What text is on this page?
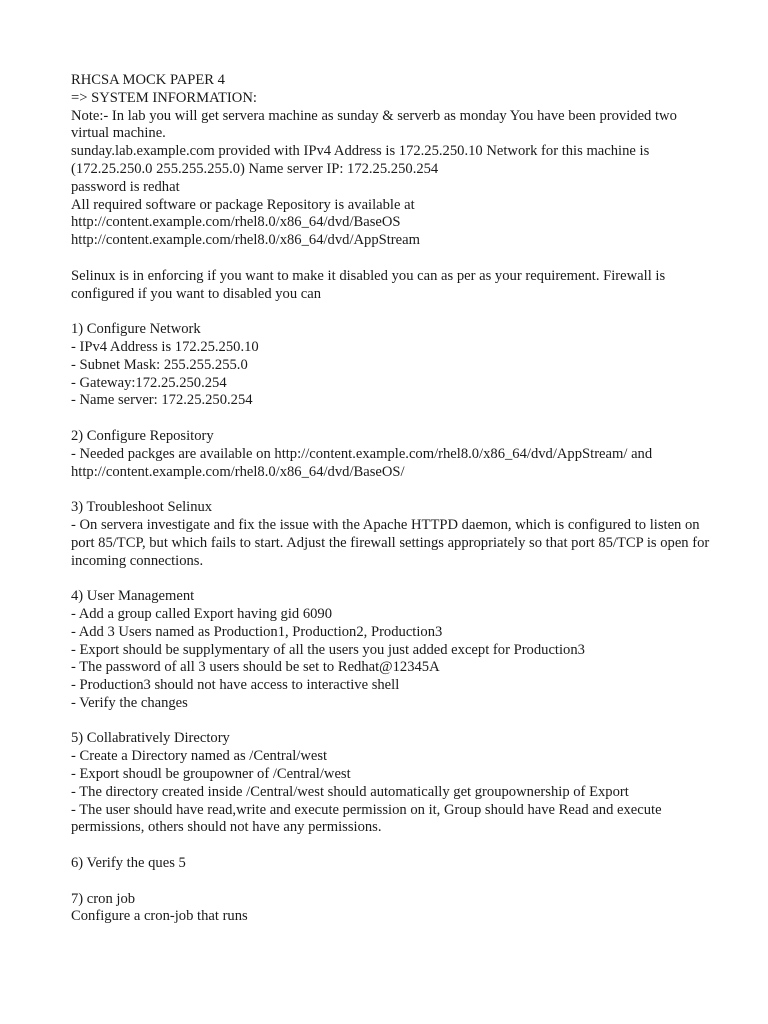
RHCSA MOCK PAPER 4
=> SYSTEM INFORMATION:
Note:- In lab you will get servera machine as sunday & serverb as monday You have been provided two virtual machine.
sunday.lab.example.com provided with IPv4 Address is 172.25.250.10 Network for this machine is (172.25.250.0 255.255.255.0) Name server IP: 172.25.250.254
password is redhat
All required software or package Repository is available at
http://content.example.com/rhel8.0/x86_64/dvd/BaseOS
http://content.example.com/rhel8.0/x86_64/dvd/AppStream
Selinux is in enforcing if you want to make it disabled you can as per as your requirement. Firewall is configured if you want to disabled you can
1) Configure Network
- IPv4 Address is 172.25.250.10
- Subnet Mask: 255.255.255.0
- Gateway:172.25.250.254
- Name server: 172.25.250.254
2) Configure Repository
- Needed packges are available on http://content.example.com/rhel8.0/x86_64/dvd/AppStream/ and http://content.example.com/rhel8.0/x86_64/dvd/BaseOS/
3) Troubleshoot Selinux
- On servera investigate and fix the issue with the Apache HTTPD daemon, which is configured to listen on port 85/TCP, but which fails to start. Adjust the firewall settings appropriately so that port 85/TCP is open for incoming connections.
4) User Management
- Add a group called Export having gid 6090
- Add 3 Users named as Production1, Production2, Production3
- Export should be supplymentary of all the users you just added except for Production3
- The password of all 3 users should be set to Redhat@12345A
- Production3 should not have access to interactive shell
- Verify the changes
5) Collabratively Directory
- Create a Directory named as /Central/west
- Export shoudl be groupowner of /Central/west
- The directory created inside /Central/west should automatically get groupownership of Export
- The user should have read,write and execute permission on it, Group should have Read and execute permissions, others should not have any permissions.
6) Verify the ques 5
7) cron job
Configure a cron-job that runs
